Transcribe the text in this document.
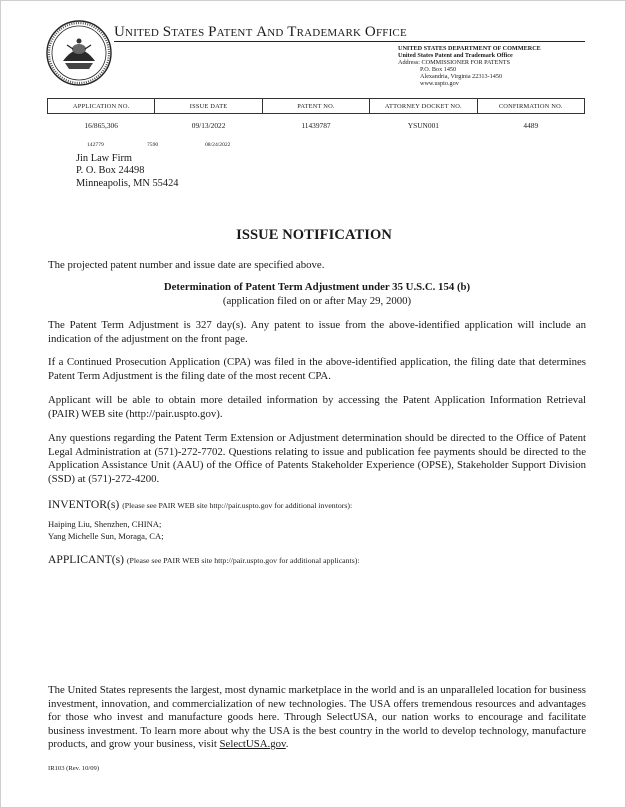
UNITED STATES PATENT AND TRADEMARK OFFICE
UNITED STATES DEPARTMENT OF COMMERCE
United States Patent and Trademark Office
Address: COMMISSIONER FOR PATENTS
P.O. Box 1450
Alexandria, Virginia 22313-1450
www.uspto.gov
APPLICATION NO.	ISSUE DATE	PATENT NO.	ATTORNEY DOCKET NO.	CONFIRMATION NO.
16/865,306	09/13/2022	11439787	YSUN001	4489
142779	7590	08/24/2022
Jin Law Firm
P. O. Box 24498
Minneapolis, MN 55424
ISSUE NOTIFICATION
The projected patent number and issue date are specified above.
Determination of Patent Term Adjustment under 35 U.S.C. 154 (b)
(application filed on or after May 29, 2000)
The Patent Term Adjustment is 327 day(s). Any patent to issue from the above-identified application will include an indication of the adjustment on the front page.
If a Continued Prosecution Application (CPA) was filed in the above-identified application, the filing date that determines Patent Term Adjustment is the filing date of the most recent CPA.
Applicant will be able to obtain more detailed information by accessing the Patent Application Information Retrieval (PAIR) WEB site (http://pair.uspto.gov).
Any questions regarding the Patent Term Extension or Adjustment determination should be directed to the Office of Patent Legal Administration at (571)-272-7702. Questions relating to issue and publication fee payments should be directed to the Application Assistance Unit (AAU) of the Office of Patents Stakeholder Experience (OPSE), Stakeholder Support Division (SSD) at (571)-272-4200.
INVENTOR(s) (Please see PAIR WEB site http://pair.uspto.gov for additional inventors):
Haiping Liu, Shenzhen, CHINA;
Yang Michelle Sun, Moraga, CA;
APPLICANT(s) (Please see PAIR WEB site http://pair.uspto.gov for additional applicants):
The United States represents the largest, most dynamic marketplace in the world and is an unparalleled location for business investment, innovation, and commercialization of new technologies. The USA offers tremendous resources and advantages for those who invest and manufacture goods here. Through SelectUSA, our nation works to encourage and facilitate business investment. To learn more about why the USA is the best country in the world to develop technology, manufacture products, and grow your business, visit SelectUSA.gov.
IR103 (Rev. 10/09)
